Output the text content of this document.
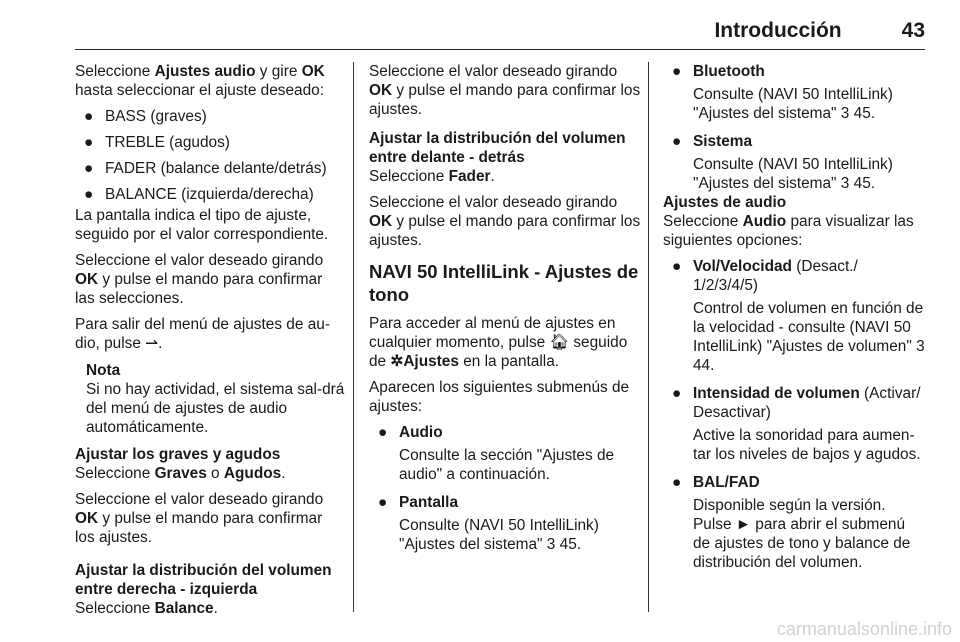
Introducción	43

Seleccione Ajustes audio y gire OK hasta seleccionar el ajuste deseado:

● BASS (graves)
● TREBLE (agudos)
● FADER (balance delante/detrás)
● BALANCE (izquierda/derecha)

La pantalla indica el tipo de ajuste, seguido por el valor correspondiente.

Seleccione el valor deseado girando OK y pulse el mando para confirmar las selecciones.

Para salir del menú de ajustes de au-dio, pulse ⇀.

Nota
Si no hay actividad, el sistema sal-drá del menú de ajustes de audio automáticamente.
Ajustar los graves y agudos

Seleccione Graves o Agudos.

Seleccione el valor deseado girando OK y pulse el mando para confirmar los ajustes.

Ajustar la distribución del volumen entre derecha - izquierda

Seleccione Balance.

Seleccione el valor deseado girando OK y pulse el mando para confirmar los ajustes.

Ajustar la distribución del volumen entre delante - detrás

Seleccione Fader.

Seleccione el valor deseado girando OK y pulse el mando para confirmar los ajustes.

NAVI 50 IntelliLink - Ajustes de tono

Para acceder al menú de ajustes en cualquier momento, pulse 🏠︎ seguido de ✲Ajustes en la pantalla.

Aparecen los siguientes submenús de ajustes:

● Audio
Consulte la sección "Ajustes de audio" a continuación.
● Pantalla
Consulte (NAVI 50 IntelliLink) "Ajustes del sistema" 3 45.
● Bluetooth
Consulte (NAVI 50 IntelliLink) "Ajustes del sistema" 3 45.
● Sistema
Consulte (NAVI 50 IntelliLink) "Ajustes del sistema" 3 45.
Ajustes de audio

Seleccione Audio para visualizar las siguientes opciones:

● Vol/Velocidad (Desact./ 1/2/3/4/5)
Control de volumen en función de la velocidad - consulte (NAVI 50 IntelliLink) "Ajustes de volumen" 3 44.
● Intensidad de volumen (Activar/ Desactivar)
Active la sonoridad para aumen-tar los niveles de bajos y agudos.
● BAL/FAD
Disponible según la versión. Pulse ► para abrir el submenú de ajustes de tono y balance de distribución del volumen.
carmanualsonline.info
